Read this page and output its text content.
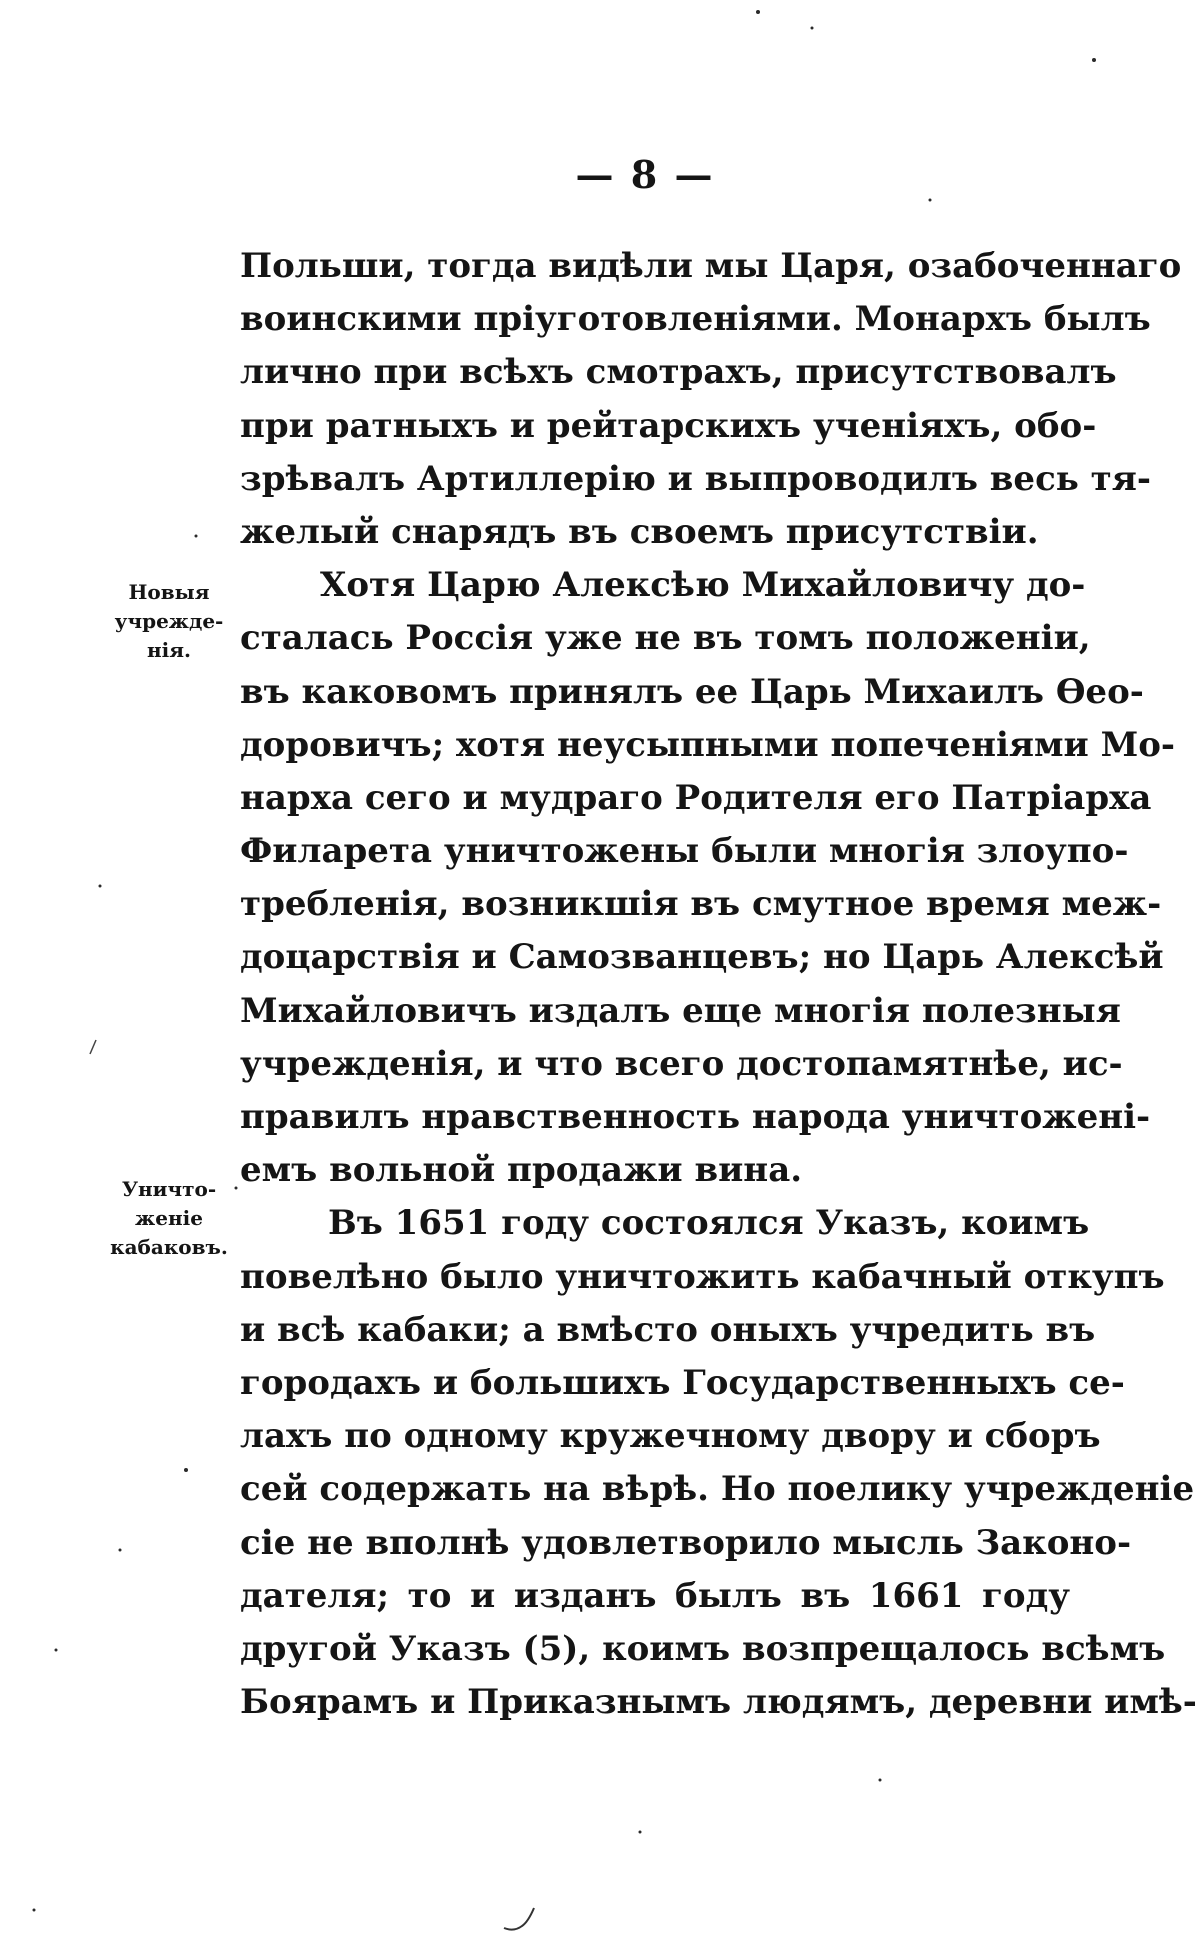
— 8 —
Новыя
учрежде-
нія.
Уничто-
женіе
кабаковъ.
Польши, тогда видѣли мы Царя, озабоченнаго
воинскими пріуготовленіями. Монархъ былъ
лично при всѣхъ смотрахъ, присутствовалъ
при ратныхъ и рейтарскихъ ученіяхъ, обо-
зрѣвалъ Артиллерію и выпроводилъ весь тя-
желый снарядъ въ своемъ присутствіи.
Хотя Царю Алексѣю Михайловичу до-
сталась Россія уже не въ томъ положеніи,
въ каковомъ принялъ ее Царь Михаилъ Ѳео-
доровичъ; хотя неусыпными попеченіями Мо-
нарха сего и мудраго Родителя его Патріарха
Филарета уничтожены были многія злоупо-
требленія, возникшія въ смутное время меж-
доцарствія и Самозванцевъ; но Царь Алексѣй
Михайловичъ издалъ еще многія полезныя
учрежденія, и что всего достопамятнѣе, ис-
правилъ нравственность народа уничтоженi-
емъ вольной продажи вина.
Въ 1651 году состоялся Указъ, коимъ
повелѣно было уничтожить кабачный откупъ
и всѣ кабаки; а вмѣсто оныхъ учредить въ
городахъ и большихъ Государственныхъ се-
лахъ по одному кружечному двору и сборъ
сей содержать на вѣрѣ. Но поелику учрежденіе
сіе не вполнѣ удовлетворило мысль Законо-
дателя; то и изданъ былъ въ 1661 году
другой Указъ (5), коимъ возпрещалось всѣмъ
Боярамъ и Приказнымъ людямъ, деревни имѣ-
